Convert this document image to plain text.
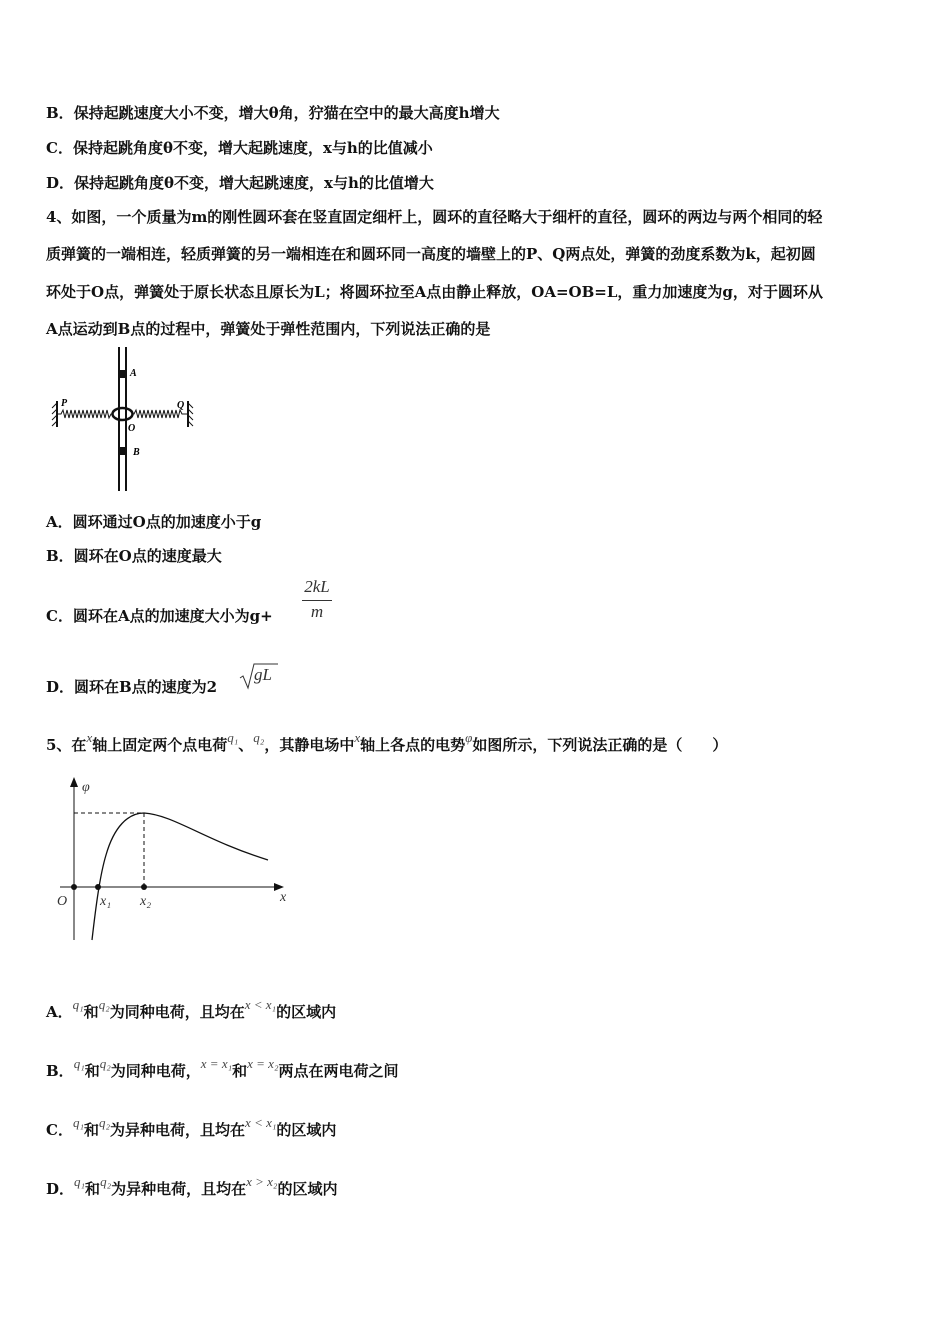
B．保持起跳速度大小不变，增大θ角，狞猫在空中的最大高度h增大
C．保持起跳角度θ不变，增大起跳速度，x与h的比值减小
D．保持起跳角度θ不变，增大起跳速度，x与h的比值增大
4、如图，一个质量为m的刚性圆环套在竖直固定细杆上，圆环的直径略大于细杆的直径，圆环的两边与两个相同的轻
质弹簧的一端相连，轻质弹簧的另一端相连在和圆环同一高度的墙壁上的P、Q两点处，弹簧的劲度系数为k，起初圆
环处于O点，弹簧处于原长状态且原长为L；将圆环拉至A点由静止释放，OA=OB=L，重力加速度为g，对于圆环从
A点运动到B点的过程中，弹簧处于弹性范围内，下列说法正确的是
A
P	Q
O
B
A．圆环通过O点的加速度小于g
B．圆环在O点的速度最大
C．圆环在A点的加速度大小为g+
2kL
m
D．圆环在B点的速度为2
gL
5、在x轴上固定两个点电荷q₁、q₂，其静电场中x轴上各点的电势φ如图所示，下列说法正确的是（　　）
φ
x
O x₁ x₂
A．q₁和q₂为同种电荷，且均在x < x₁的区域内
B．q₁和q₂为同种电荷，x = x₁和x = x₂两点在两电荷之间
C．q₁和q₂为异种电荷，且均在x < x₁的区域内
D．q₁和q₂为异种电荷，且均在x > x₂的区域内
